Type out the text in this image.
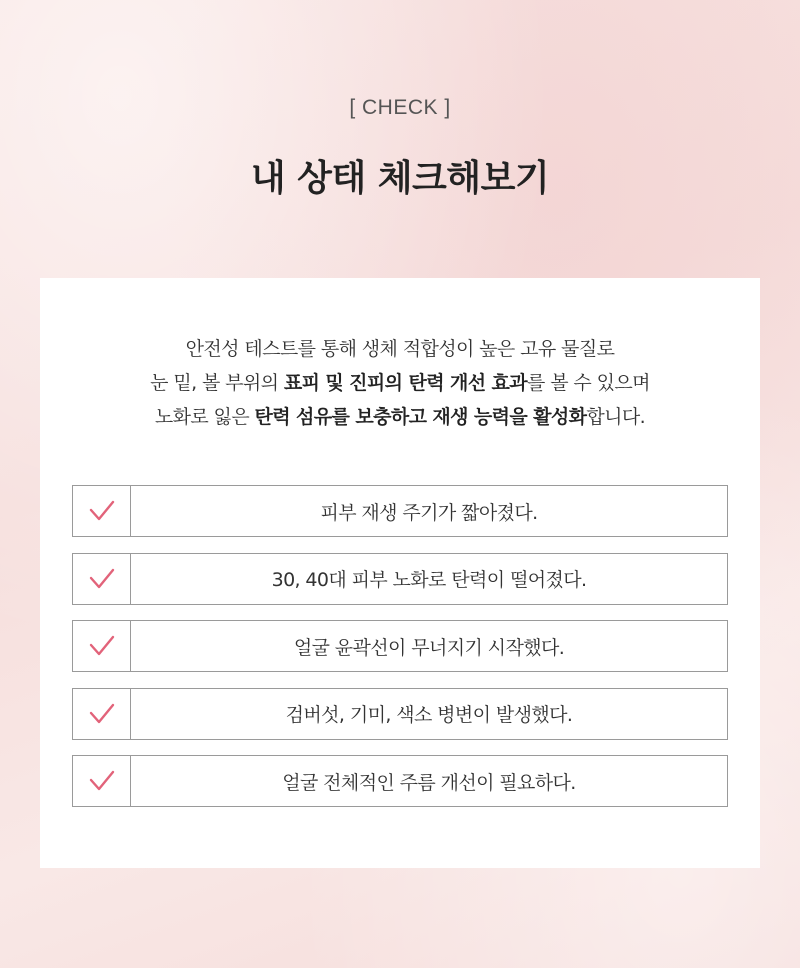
[ CHECK ]
내 상태 체크해보기
안전성 테스트를 통해 생체 적합성이 높은 고유 물질로
눈 밑, 볼 부위의 표피 및 진피의 탄력 개선 효과를 볼 수 있으며
노화로 잃은 탄력 섬유를 보충하고 재생 능력을 활성화합니다.
피부 재생 주기가 짧아졌다.
30, 40대 피부 노화로 탄력이 떨어졌다.
얼굴 윤곽선이 무너지기 시작했다.
검버섯, 기미, 색소 병변이 발생했다.
얼굴 전체적인 주름 개선이 필요하다.
